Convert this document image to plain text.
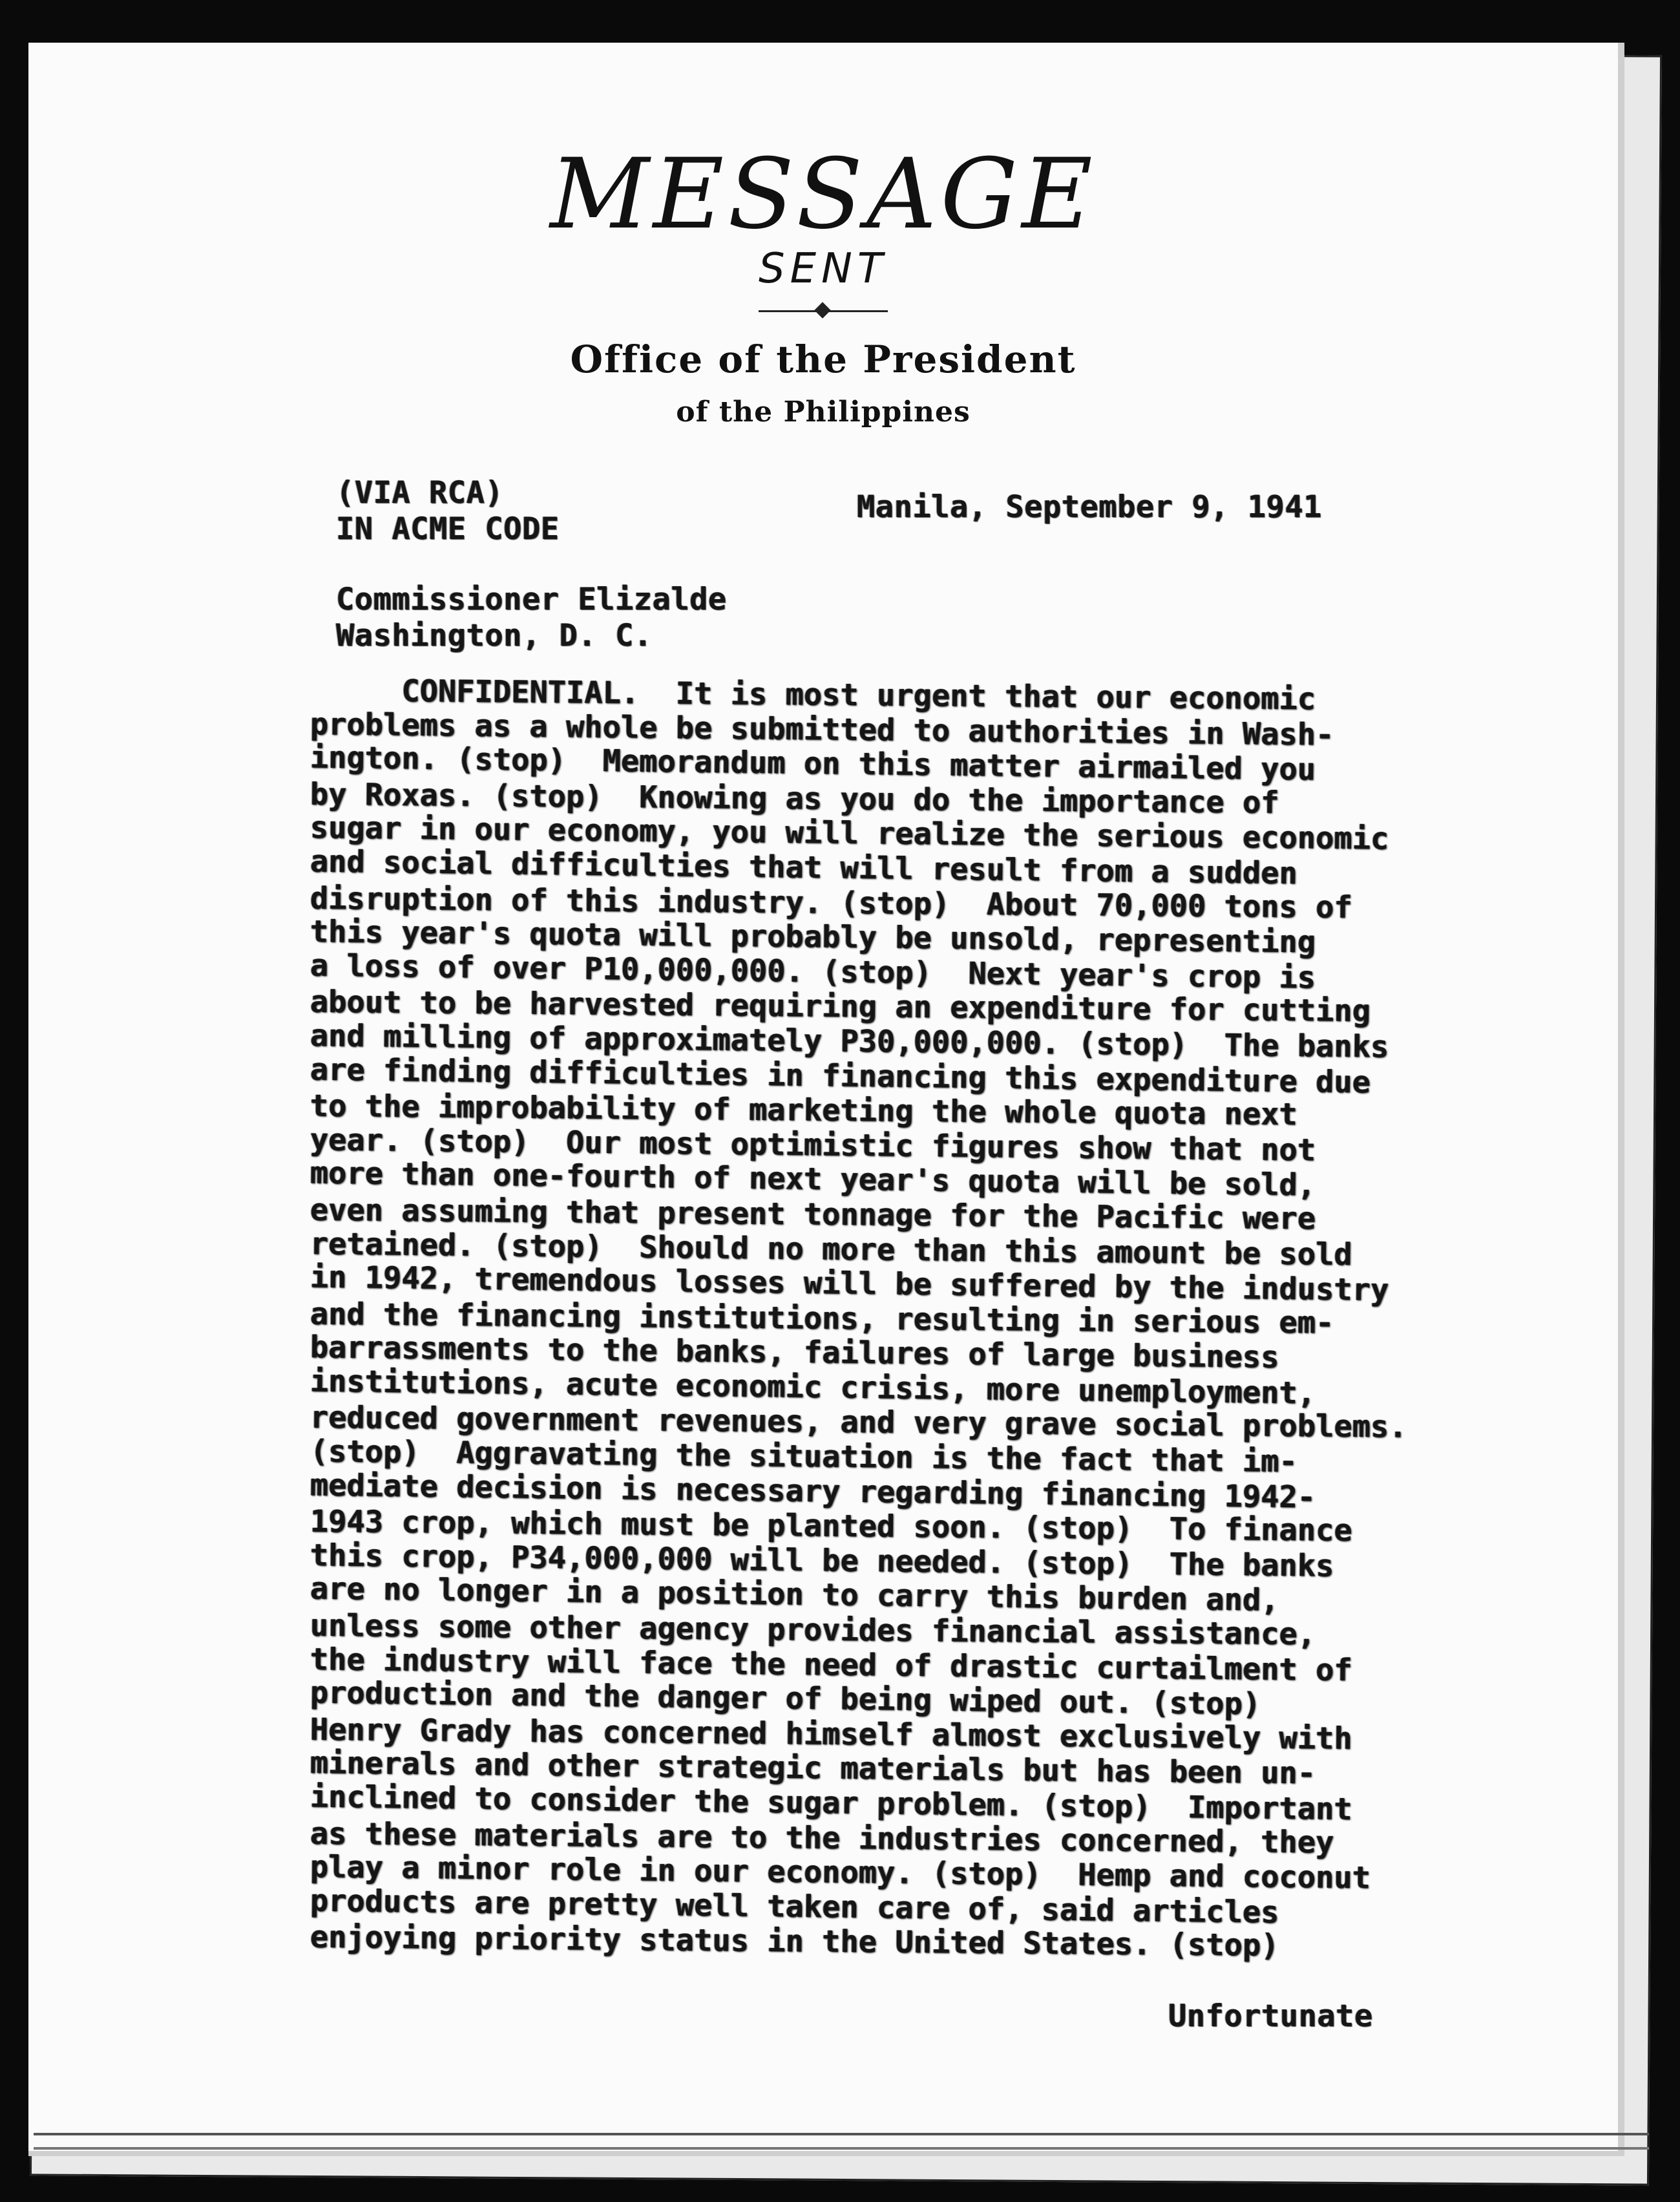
MESSAGE
SENT
Office of the President
of the Philippines
(VIA RCA)
IN ACME CODE
Manila, September 9, 1941
Commissioner Elizalde
Washington, D. C.
CONFIDENTIAL.  It is most urgent that our economic
problems as a whole be submitted to authorities in Wash-
ington. (stop)  Memorandum on this matter airmailed you
by Roxas. (stop)  Knowing as you do the importance of
sugar in our economy, you will realize the serious economic
and social difficulties that will result from a sudden
disruption of this industry. (stop)  About 70,000 tons of
this year's quota will probably be unsold, representing
a loss of over P10,000,000. (stop)  Next year's crop is
about to be harvested requiring an expenditure for cutting
and milling of approximately P30,000,000. (stop)  The banks
are finding difficulties in financing this expenditure due
to the improbability of marketing the whole quota next
year. (stop)  Our most optimistic figures show that not
more than one-fourth of next year's quota will be sold,
even assuming that present tonnage for the Pacific were
retained. (stop)  Should no more than this amount be sold
in 1942, tremendous losses will be suffered by the industry
and the financing institutions, resulting in serious em-
barrassments to the banks, failures of large business
institutions, acute economic crisis, more unemployment,
reduced government revenues, and very grave social problems.
(stop)  Aggravating the situation is the fact that im-
mediate decision is necessary regarding financing 1942-
1943 crop, which must be planted soon. (stop)  To finance
this crop, P34,000,000 will be needed. (stop)  The banks
are no longer in a position to carry this burden and,
unless some other agency provides financial assistance,
the industry will face the need of drastic curtailment of
production and the danger of being wiped out. (stop)
Henry Grady has concerned himself almost exclusively with
minerals and other strategic materials but has been un-
inclined to consider the sugar problem. (stop)  Important
as these materials are to the industries concerned, they
play a minor role in our economy. (stop)  Hemp and coconut
products are pretty well taken care of, said articles
enjoying priority status in the United States. (stop)
Unfortunate
